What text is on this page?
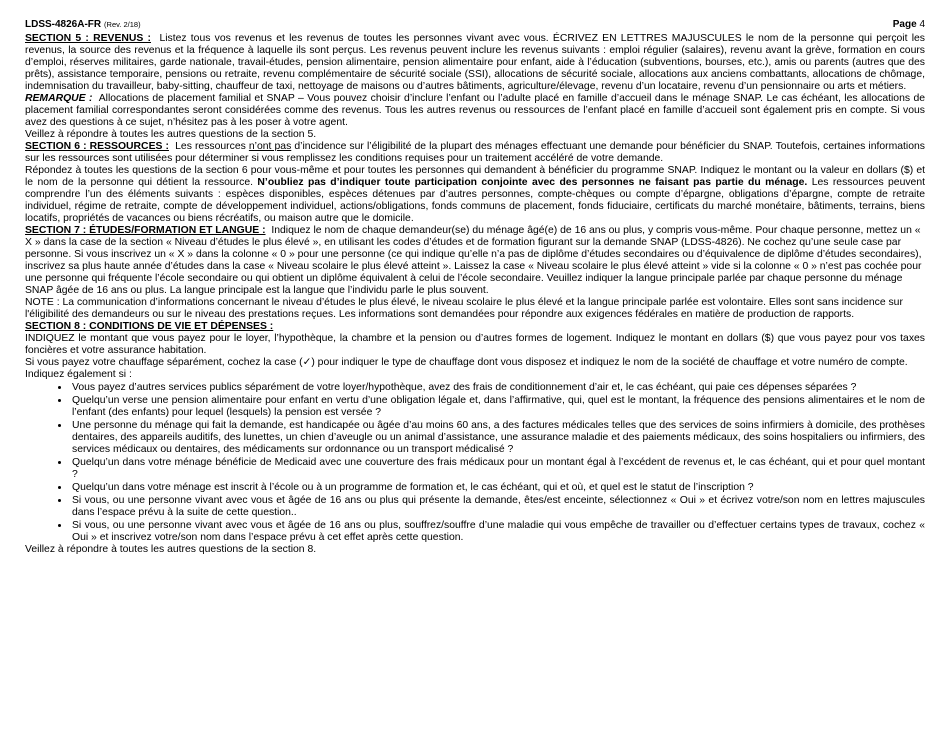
LDSS-4826A-FR (Rev. 2/18)	Page 4

SECTION 5 : REVENUS : Listez tous vos revenus et les revenus de toutes les personnes vivant avec vous. ÉCRIVEZ EN LETTRES MAJUSCULES le nom de la personne qui perçoit les revenus, la source des revenus et la fréquence à laquelle ils sont perçus. Les revenus peuvent inclure les revenus suivants : emploi régulier (salaires), revenu avant la grève, formation en cours d’emploi, réserves militaires, garde nationale, travail-études, pension alimentaire, pension alimentaire pour enfant, aide à l’éducation (subventions, bourses, etc.), amis ou parents (autres que des prêts), assistance temporaire, pensions ou retraite, revenu complémentaire de sécurité sociale (SSI), allocations de sécurité sociale, allocations aux anciens combattants, allocations de chômage, indemnisation du travailleur, baby-sitting, chauffeur de taxi, nettoyage de maisons ou d’autres bâtiments, agriculture/élevage, revenu d’un locataire, revenu d’un pensionnaire ou arts et métiers.

REMARQUE : Allocations de placement familial et SNAP – Vous pouvez choisir d’inclure l’enfant ou l’adulte placé en famille d’accueil dans le ménage SNAP. Le cas échéant, les allocations de placement familial correspondantes seront considérées comme des revenus. Tous les autres revenus ou ressources de l’enfant placé en famille d’accueil sont également pris en compte. Si vous avez des questions à ce sujet, n’hésitez pas à les poser à votre agent.

Veillez à répondre à toutes les autres questions de la section 5.

SECTION 6 : RESSOURCES : Les ressources n’ont pas d’incidence sur l’éligibilité de la plupart des ménages effectuant une demande pour bénéficier du SNAP. Toutefois, certaines informations sur les ressources sont utilisées pour déterminer si vous remplissez les conditions requises pour un traitement accéléré de votre demande.

Répondez à toutes les questions de la section 6 pour vous-même et pour toutes les personnes qui demandent à bénéficier du programme SNAP. Indiquez le montant ou la valeur en dollars ($) et le nom de la personne qui détient la ressource. N’oubliez pas d’indiquer toute participation conjointe avec des personnes ne faisant pas partie du ménage. Les ressources peuvent comprendre l’un des éléments suivants : espèces disponibles, espèces détenues par d’autres personnes, compte-chèques ou compte d’épargne, obligations d’épargne, compte de retraite individuel, régime de retraite, compte de développement individuel, actions/obligations, fonds communs de placement, fonds fiduciaire, certificats du marché monétaire, bâtiments, terrains, biens locatifs, propriétés de vacances ou biens récréatifs, ou maison autre que le domicile.

SECTION 7 : ÉTUDES/FORMATION ET LANGUE : Indiquez le nom de chaque demandeur(se) du ménage âgé(e) de 16 ans ou plus, y compris vous-même. Pour chaque personne, mettez un « X » dans la case de la section « Niveau d’études le plus élevé », en utilisant les codes d’études et de formation figurant sur la demande SNAP (LDSS-4826). Ne cochez qu’une seule case par personne. Si vous inscrivez un « X » dans la colonne « 0 » pour une personne (ce qui indique qu’elle n’a pas de diplôme d’études secondaires ou d’équivalence de diplôme d’études secondaires), inscrivez sa plus haute année d’études dans la case « Niveau scolaire le plus élevé atteint ». Laissez la case « Niveau scolaire le plus élevé atteint » vide si la colonne « 0 » n’est pas cochée pour une personne qui fréquente l’école secondaire ou qui obtient un diplôme équivalent à celui de l’école secondaire. Veuillez indiquer la langue principale parlée par chaque personne du ménage SNAP âgée de 16 ans ou plus. La langue principale est la langue que l’individu parle le plus souvent.

NOTE : La communication d’informations concernant le niveau d’études le plus élevé, le niveau scolaire le plus élevé et la langue principale parlée est volontaire. Elles sont sans incidence sur l'éligibilité des demandeurs ou sur le niveau des prestations reçues. Les informations sont demandées pour répondre aux exigences fédérales en matière de production de rapports.

SECTION 8 : CONDITIONS DE VIE ET DÉPENSES :

INDIQUEZ le montant que vous payez pour le loyer, l’hypothèque, la chambre et la pension ou d’autres formes de logement. Indiquez le montant en dollars ($) que vous payez pour vos taxes foncières et votre assurance habitation.

Si vous payez votre chauffage séparément, cochez la case (✓) pour indiquer le type de chauffage dont vous disposez et indiquez le nom de la société de chauffage et votre numéro de compte.

Indiquez également si :

• Vous payez d’autres services publics séparément de votre loyer/hypothèque, avez des frais de conditionnement d’air et, le cas échéant, qui paie ces dépenses séparées ?
• Quelqu’un verse une pension alimentaire pour enfant en vertu d’une obligation légale et, dans l’affirmative, qui, quel est le montant, la fréquence des pensions alimentaires et le nom de l’enfant (des enfants) pour lequel (lesquels) la pension est versée ?
• Une personne du ménage qui fait la demande, est handicapée ou âgée d’au moins 60 ans, a des factures médicales telles que des services de soins infirmiers à domicile, des prothèses dentaires, des appareils auditifs, des lunettes, un chien d’aveugle ou un animal d’assistance, une assurance maladie et des paiements médicaux, des soins hospitaliers ou infirmiers, des services médicaux ou dentaires, des médicaments sur ordonnance ou un transport médicalisé ?
• Quelqu’un dans votre ménage bénéficie de Medicaid avec une couverture des frais médicaux pour un montant égal à l’excédent de revenus et, le cas échéant, qui et pour quel montant ?
• Quelqu’un dans votre ménage est inscrit à l’école ou à un programme de formation et, le cas échéant, qui et où, et quel est le statut de l’inscription ?
• Si vous, ou une personne vivant avec vous et âgée de 16 ans ou plus qui présente la demande, êtes/est enceinte, sélectionnez « Oui » et écrivez votre/son nom en lettres majuscules dans l’espace prévu à la suite de cette question..
• Si vous, ou une personne vivant avec vous et âgée de 16 ans ou plus, souffrez/souffre d’une maladie qui vous empêche de travailler ou d’effectuer certains types de travaux, cochez « Oui » et inscrivez votre/son nom dans l’espace prévu à cet effet après cette question.

Veillez à répondre à toutes les autres questions de la section 8.
